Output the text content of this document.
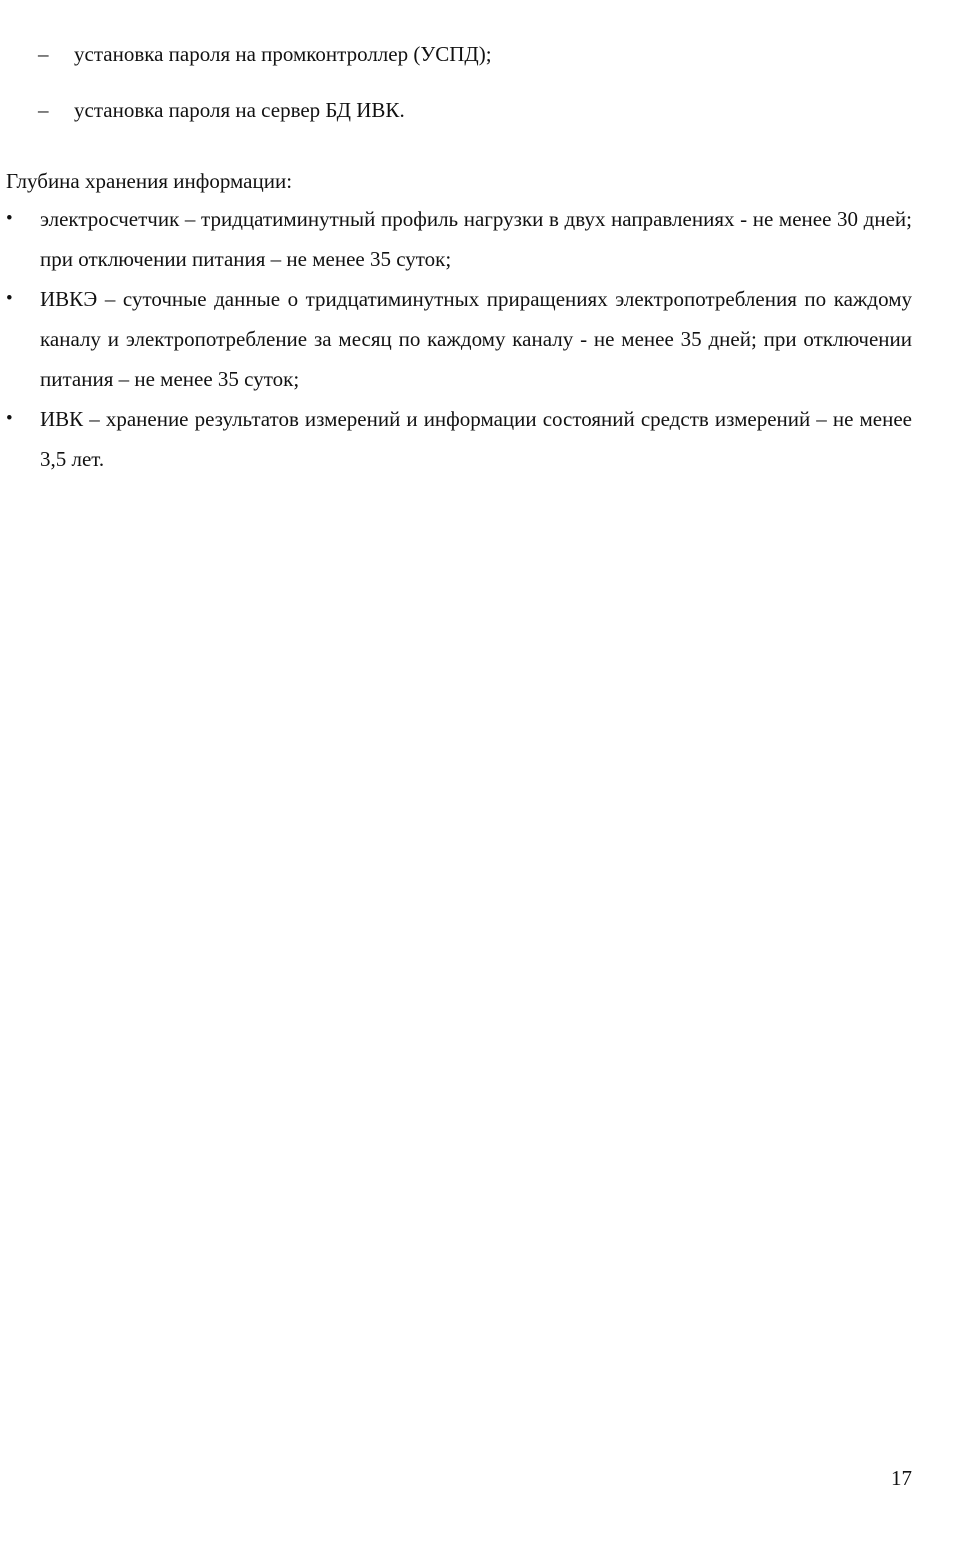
–	установка пароля на промконтроллер (УСПД);
–	установка пароля на сервер БД ИВК.

Глубина хранения информации:

•	электросчетчик – тридцатиминутный профиль нагрузки в двух направлениях - не менее 30 дней; при отключении питания – не менее 35 суток;
•	ИВКЭ – суточные данные о тридцатиминутных приращениях электропотребления по каждому каналу и электропотребление за месяц по каждому каналу - не менее 35 дней; при отключении питания – не менее 35 суток;
•	ИВК – хранение результатов измерений и информации состояний средств измерений – не менее 3,5 лет.
17
